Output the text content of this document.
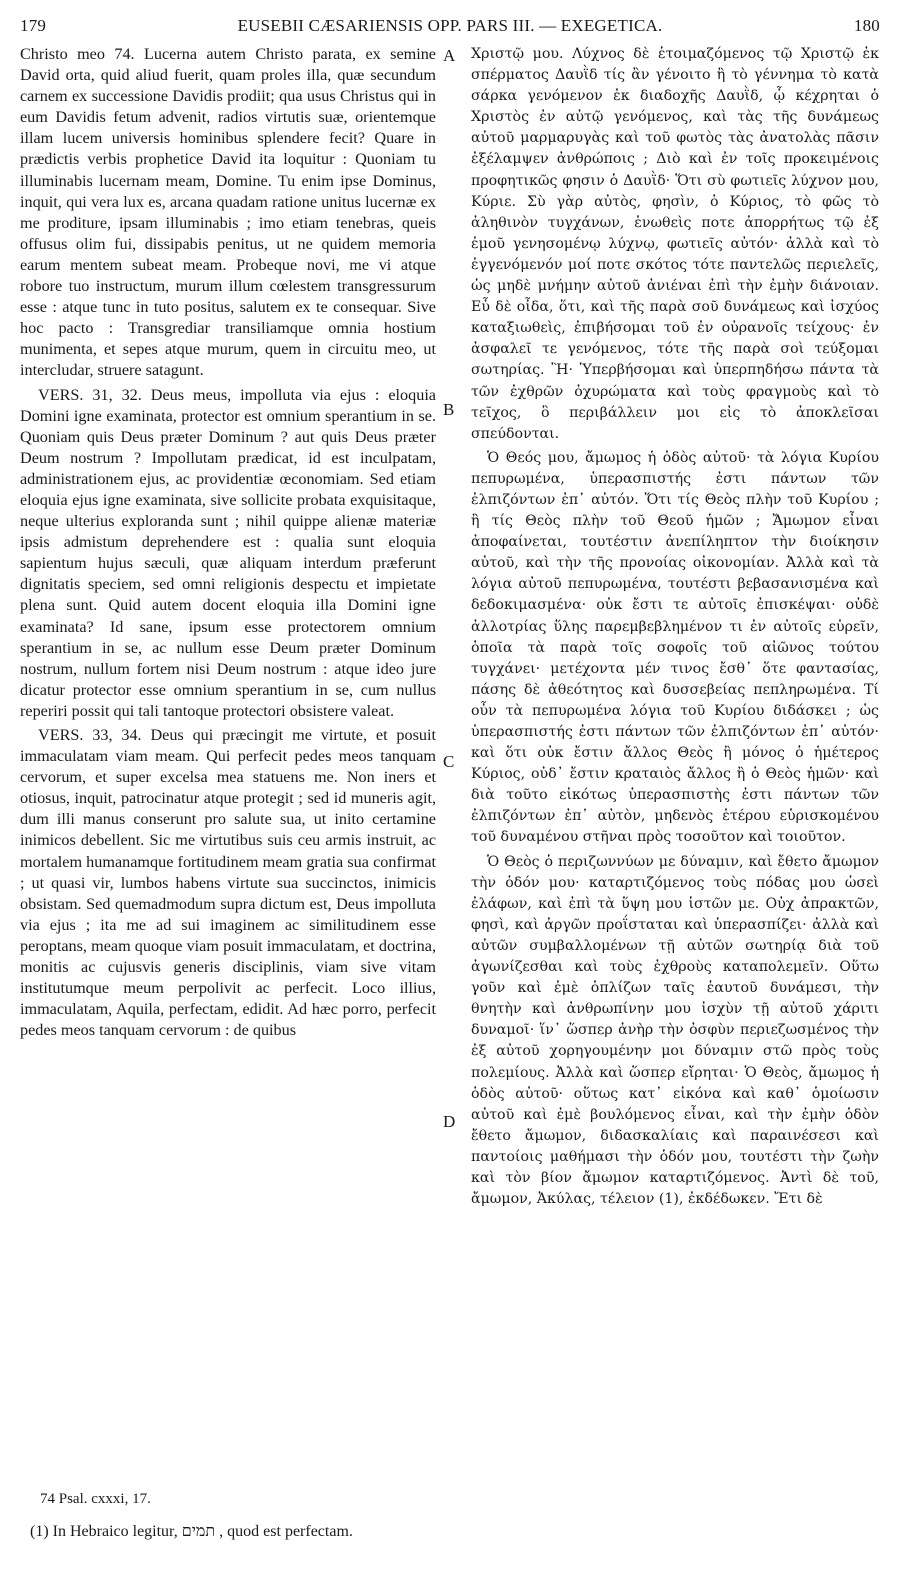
179	EUSEBII CÆSARIENSIS OPP. PARS III. — EXEGETICA.	180

Christo meo 74. Lucerna autem Christo parata, ex semine David orta, quid aliud fuerit, quam proles illa, quæ secundum carnem ex successione Davidis prodiit; qua usus Christus qui in eum Davidis fetum advenit, radios virtutis suæ, orientemque illam lucem universis hominibus splendere fecit? Quare in prædictis verbis prophetice David ita loquitur : Quoniam tu illuminabis lucernam meam, Domine. Tu enim ipse Dominus, inquit, qui vera lux es, arcana quadam ratione unitus lucernæ ex me proditure, ipsam illuminabis ; imo etiam tenebras, queis offusus olim fui, dissipabis penitus, ut ne quidem memoria earum mentem subeat meam. Probeque novi, me vi atque robore tuo instructum, murum illum cœlestem transgressurum esse : atque tunc in tuto positus, salutem ex te consequar. Sive hoc pacto : Transgrediar transiliamque omnia hostium munimenta, et sepes atque murum, quem in circuitu meo, ut intercludar, struere satagunt.

VERS. 31, 32. Deus meus, impolluta via ejus : eloquia Domini igne examinata, protector est omnium sperantium in se. Quoniam quis Deus præter Dominum ? aut quis Deus præter Deum nostrum ? Impollutam prædicat, id est inculpatam, administrationem ejus, ac providentiæ œconomiam. Sed etiam eloquia ejus igne examinata, sive sollicite probata exquisitaque, neque ulterius exploranda sunt ; nihil quippe alienæ materiæ ipsis admistum deprehendere est : qualia sunt eloquia sapientum hujus sæculi, quæ aliquam interdum præferunt dignitatis speciem, sed omni religionis despectu et impietate plena sunt. Quid autem docent eloquia illa Domini igne examinata? Id sane, ipsum esse protectorem omnium sperantium in se, ac nullum esse Deum præter Dominum nostrum, nullum fortem nisi Deum nostrum : atque ideo jure dicatur protector esse omnium sperantium in se, cum nullus reperiri possit qui tali tantoque protectori obsistere valeat.

VERS. 33, 34. Deus qui præcingit me virtute, et posuit immaculatam viam meam. Qui perfecit pedes meos tanquam cervorum, et super excelsa mea statuens me. Non iners et otiosus, inquit, patrocinatur atque protegit ; sed id muneris agit, dum illi manus conserunt pro salute sua, ut inito certamine inimicos debellent. Sic me virtutibus suis ceu armis instruit, ac mortalem humanamque fortitudinem meam gratia sua confirmat ; ut quasi vir, lumbos habens virtute sua succinctos, inimicis obsistam. Sed quemadmodum supra dictum est, Deus impolluta via ejus ; ita me ad sui imaginem ac similitudinem esse peroptans, meam quoque viam posuit immaculatam, et doctrina, monitis ac cujusvis generis disciplinis, viam sive vitam institutumque meum perpolivit ac perfecit. Loco illius, immaculatam, Aquila, perfectam, edidit. Ad hæc porro, perfecit pedes meos tanquam cervorum : de quibus

A
B
C
D

Χριστῷ μου. Λύχνος δὲ ἑτοιμαζόμενος τῷ Χριστῷ ἐκ σπέρματος Δαυῒδ τίς ἂν γένοιτο ἢ τὸ γέννημα τὸ κατὰ σάρκα γενόμενον ἐκ διαδοχῆς Δαυῒδ, ᾧ κέχρηται ὁ Χριστὸς ἐν αὐτῷ γενόμενος, καὶ τὰς τῆς δυνάμεως αὐτοῦ μαρμαρυγὰς καὶ τοῦ φωτὸς τὰς ἀνατολὰς πᾶσιν ἐξέλαμψεν ἀνθρώποις ; Διὸ καὶ ἐν τοῖς προκειμένοις προφητικῶς φησιν ὁ Δαυῒδ· Ὅτι σὺ φωτιεῖς λύχνον μου, Κύριε. Σὺ γὰρ αὐτὸς, φησὶν, ὁ Κύριος, τὸ φῶς τὸ ἀληθινὸν τυγχάνων, ἑνωθεὶς ποτε ἀπορρήτως τῷ ἐξ ἐμοῦ γενησομένῳ λύχνῳ, φωτιεῖς αὐτόν· ἀλλὰ καὶ τὸ ἐγγενόμενόν μοί ποτε σκότος τότε παντελῶς περιελεῖς, ὡς μηδὲ μνήμην αὐτοῦ ἀνιέναι ἐπὶ τὴν ἐμὴν διάνοιαν. Εὖ δὲ οἶδα, ὅτι, καὶ τῆς παρὰ σοῦ δυνάμεως καὶ ἰσχύος καταξιωθεὶς, ἐπιβήσομαι τοῦ ἐν οὐρανοῖς τείχους· ἐν ἀσφαλεῖ τε γενόμενος, τότε τῆς παρὰ σοὶ τεύξομαι σωτηρίας. Ἢ· Ὑπερβήσομαι καὶ ὑπερπηδήσω πάντα τὰ τῶν ἐχθρῶν ὀχυρώματα καὶ τοὺς φραγμοὺς καὶ τὸ τεῖχος, ὃ περιβάλλειν μοι εἰς τὸ ἀποκλεῖσαι σπεύδονται.

Ὁ Θεός μου, ἄμωμος ἡ ὁδὸς αὐτοῦ· τὰ λόγια Κυρίου πεπυρωμένα, ὑπερασπιστής ἐστι πάντων τῶν ἐλπιζόντων ἐπ᾽ αὐτόν. Ὅτι τίς Θεὸς πλὴν τοῦ Κυρίου ; ἢ τίς Θεὸς πλὴν τοῦ Θεοῦ ἡμῶν ; Ἄμωμον εἶναι ἀποφαίνεται, τουτέστιν ἀνεπίληπτον τὴν διοίκησιν αὐτοῦ, καὶ τὴν τῆς προνοίας οἰκονομίαν. Ἀλλὰ καὶ τὰ λόγια αὐτοῦ πεπυρωμένα, τουτέστι βεβασανισμένα καὶ δεδοκιμασμένα· οὐκ ἔστι τε αὐτοῖς ἐπισκέψαι· οὐδὲ ἀλλοτρίας ὕλης παρεμβεβλημένον τι ἐν αὐτοῖς εὑρεῖν, ὁποῖα τὰ παρὰ τοῖς σοφοῖς τοῦ αἰῶνος τούτου τυγχάνει· μετέχοντα μέν τινος ἔσθ᾽ ὅτε φαντασίας, πάσης δὲ ἀθεότητος καὶ δυσσεβείας πεπληρωμένα. Τί οὖν τὰ πεπυρωμένα λόγια τοῦ Κυρίου διδάσκει ; ὡς ὑπερασπιστής ἐστι πάντων τῶν ἐλπιζόντων ἐπ᾽ αὐτόν· καὶ ὅτι οὐκ ἔστιν ἄλλος Θεὸς ἢ μόνος ὁ ἡμέτερος Κύριος, οὐδ᾽ ἔστιν κραταιὸς ἄλλος ἢ ὁ Θεὸς ἡμῶν· καὶ διὰ τοῦτο εἰκότως ὑπερασπιστὴς ἐστι πάντων τῶν ἐλπιζόντων ἐπ᾽ αὐτὸν, μηδενὸς ἑτέρου εὑρισκομένου τοῦ δυναμένου στῆναι πρὸς τοσοῦτον καὶ τοιοῦτον.

Ὁ Θεὸς ὁ περιζωννύων με δύναμιν, καὶ ἔθετο ἄμωμον τὴν ὁδόν μου· καταρτιζόμενος τοὺς πόδας μου ὡσεὶ ἐλάφων, καὶ ἐπὶ τὰ ὕψη μου ἱστῶν με. Οὐχ ἀπρακτῶν, φησὶ, καὶ ἀργῶν προΐσταται καὶ ὑπερασπίζει· ἀλλὰ καὶ αὐτῶν συμβαλλομένων τῇ αὐτῶν σωτηρίᾳ διὰ τοῦ ἀγωνίζεσθαι καὶ τοὺς ἐχθροὺς καταπολεμεῖν. Οὕτω γοῦν καὶ ἐμὲ ὁπλίζων ταῖς ἑαυτοῦ δυνάμεσι, τὴν θνητὴν καὶ ἀνθρωπίνην μου ἰσχὺν τῇ αὐτοῦ χάριτι δυναμοῖ· ἵν᾽ ὥσπερ ἀνὴρ τὴν ὀσφὺν περιεζωσμένος τὴν ἐξ αὐτοῦ χορηγουμένην μοι δύναμιν στῶ πρὸς τοὺς πολεμίους. Ἀλλὰ καὶ ὥσπερ εἴρηται· Ὁ Θεὸς, ἄμωμος ἡ ὁδὸς αὐτοῦ· οὕτως κατ᾽ εἰκόνα καὶ καθ᾽ ὁμοίωσιν αὐτοῦ καὶ ἐμὲ βουλόμενος εἶναι, καὶ τὴν ἐμὴν ὁδὸν ἔθετο ἄμωμον, διδασκαλίαις καὶ παραινέσεσι καὶ παντοίοις μαθήμασι τὴν ὁδόν μου, τουτέστι τὴν ζωὴν καὶ τὸν βίον ἄμωμον καταρτιζόμενος. Ἀντὶ δὲ τοῦ, ἄμωμον, Ἀκύλας, τέλειον (1), ἐκδέδωκεν. Ἔτι δὲ

74 Psal. cxxxi, 17.
(1) In Hebraico legitur, תמים , quod est perfectam.
